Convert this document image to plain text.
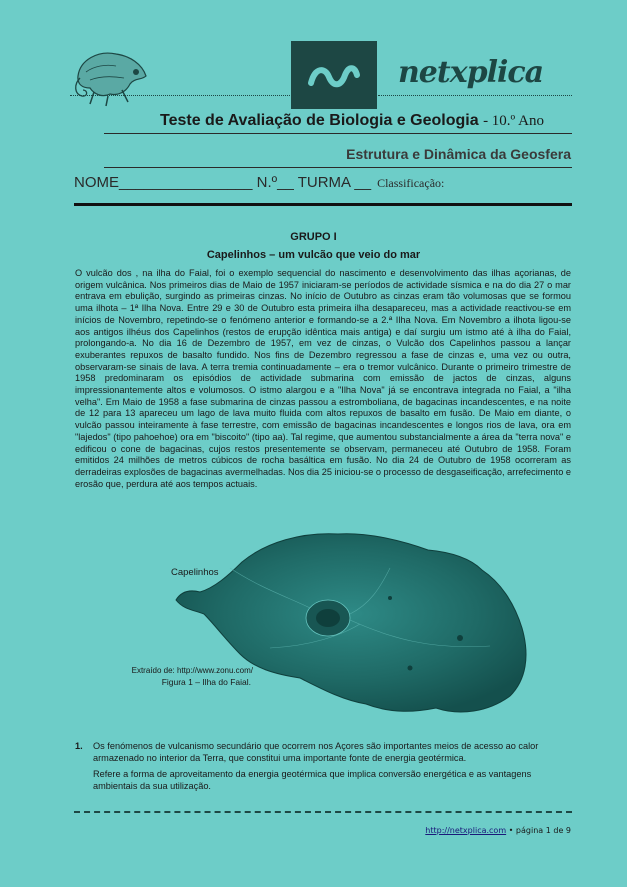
netxplica
Teste de Avaliação de Biologia e Geologia - 10.º Ano
Estrutura e Dinâmica da Geosfera
NOME________________ N.º__ TURMA __ Classificação:
GRUPO I
Capelinhos – um vulcão que veio do mar
O vulcão dos , na ilha do Faial, foi o exemplo sequencial do nascimento e desenvolvimento das ilhas açorianas, de origem vulcânica. Nos primeiros dias de Maio de 1957 iniciaram-se períodos de actividade sísmica e na do dia 27 o mar entrava em ebulição, surgindo as primeiras cinzas. No início de Outubro as cinzas eram tão volumosas que se formou uma ilhota – 1ª Ilha Nova. Entre 29 e 30 de Outubro esta primeira ilha desapareceu, mas a actividade reactivou-se em inícios de Novembro, repetindo-se o fenómeno anterior e formando-se a 2.ª Ilha Nova. Em Novembro a ilhota ligou-se aos antigos ilhéus dos Capelinhos (restos de erupção idêntica mais antiga) e daí surgiu um istmo até à ilha do Faial, prolongando-a. No dia 16 de Dezembro de 1957, em vez de cinzas, o Vulcão dos Capelinhos passou a lançar exuberantes repuxos de basalto fundido. Nos fins de Dezembro regressou a fase de cinzas e, uma vez ou outra, observaram-se sinais de lava. A terra tremia continuadamente – era o tremor vulcânico. Durante o primeiro trimestre de 1958 predominaram os episódios de actividade submarina com emissão de jactos de cinzas, alguns impressionantemente altos e volumosos. O istmo alargou e a "Ilha Nova" já se encontrava integrada no Faial, a "ilha velha". Em Maio de 1958 a fase submarina de cinzas passou a estromboliana, de bagacinas incandescentes, e na noite de 12 para 13 apareceu um lago de lava muito fluida com altos repuxos de basalto em fusão. De Maio em diante, o vulcão passou inteiramente à fase terrestre, com emissão de bagacinas incandescentes e longos rios de lava, ora em "lajedos" (tipo pahoehoe) ora em "biscoito" (tipo aa). Tal regime, que aumentou substancialmente a área da "terra nova" e edificou o cone de bagacinas, cujos restos presentemente se observam, permaneceu até Outubro de 1958. Foram emitidos 24 milhões de metros cúbicos de rocha basáltica em fusão. No dia 24 de Outubro de 1958 ocorreram as derradeiras explosões de bagacinas avermelhadas. Nos dia 25 iniciou-se o processo de desgaseificação, arrefecimento e erosão que, perdura até aos tempos actuais.
Capelinhos
Extraído de: http://www.zonu.com/
Figura 1 – Ilha do Faial.
1. Os fenómenos de vulcanismo secundário que ocorrem nos Açores são importantes meios de acesso ao calor armazenado no interior da Terra, que constitui uma importante fonte de energia geotérmica.
Refere a forma de aproveitamento da energia geotérmica que implica conversão energética e as vantagens ambientais da sua utilização.
http://netxplica.com • página 1 de 9
